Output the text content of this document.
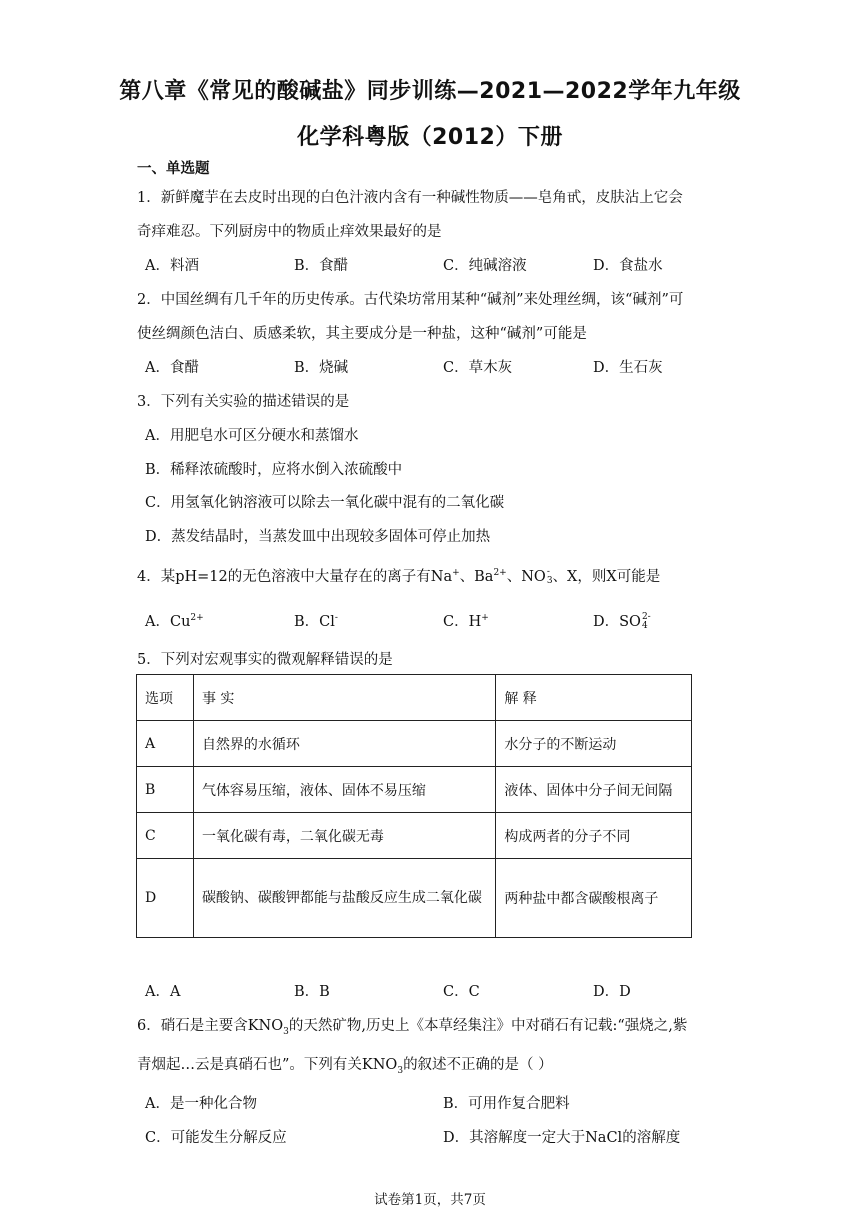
第八章《常见的酸碱盐》同步训练—2021—2022学年九年级
化学科粤版（2012）下册
一、单选题
1．新鲜魔芋在去皮时出现的白色汁液内含有一种碱性物质——皂角甙，皮肤沾上它会
奇痒难忍。下列厨房中的物质止痒效果最好的是
A．料酒	B．食醋	C．纯碱溶液	D．食盐水
2．中国丝绸有几千年的历史传承。古代染坊常用某种“碱剂”来处理丝绸，该“碱剂”可
使丝绸颜色洁白、质感柔软，其主要成分是一种盐，这种“碱剂”可能是
A．食醋	B．烧碱	C．草木灰	D．生石灰
3．下列有关实验的描述错误的是
A．用肥皂水可区分硬水和蒸馏水
B．稀释浓硫酸时，应将水倒入浓硫酸中
C．用氢氧化钠溶液可以除去一氧化碳中混有的二氧化碳
D．蒸发结晶时，当蒸发皿中出现较多固体可停止加热
4．某pH=12的无色溶液中大量存在的离子有Na+、$Ba^{2+}$、NO -
3 、X，则X可能是
A．$Cu^{2+}$	B．Cl-	C．H+	D．SO 2-
4
5．下列对宏观事实的微观解释错误的是
选项	事 实	解 释
A	自然界的水循环	水分子的不断运动
B	气体容易压缩，液体、固体不易压缩	液体、固体中分子间无间隔
C	一氧化碳有毒，二氧化碳无毒	构成两者的分子不同
D	碳酸钠、碳酸钾都能与盐酸反应生成二氧化碳	两种盐中都含碳酸根离子
A．A	B．B	C．C	D．D
6．硝石是主要含$KNO_3$的天然矿物,历史上《本草经集注》中对硝石有记载:“强烧之,紫
青烟起…云是真硝石也”。下列有关$KNO_3$的叙述不正确的是（ ）
A．是一种化合物	B．可用作复合肥料
C．可能发生分解反应	D．其溶解度一定大于NaCl的溶解度
试卷第1页，共7页
